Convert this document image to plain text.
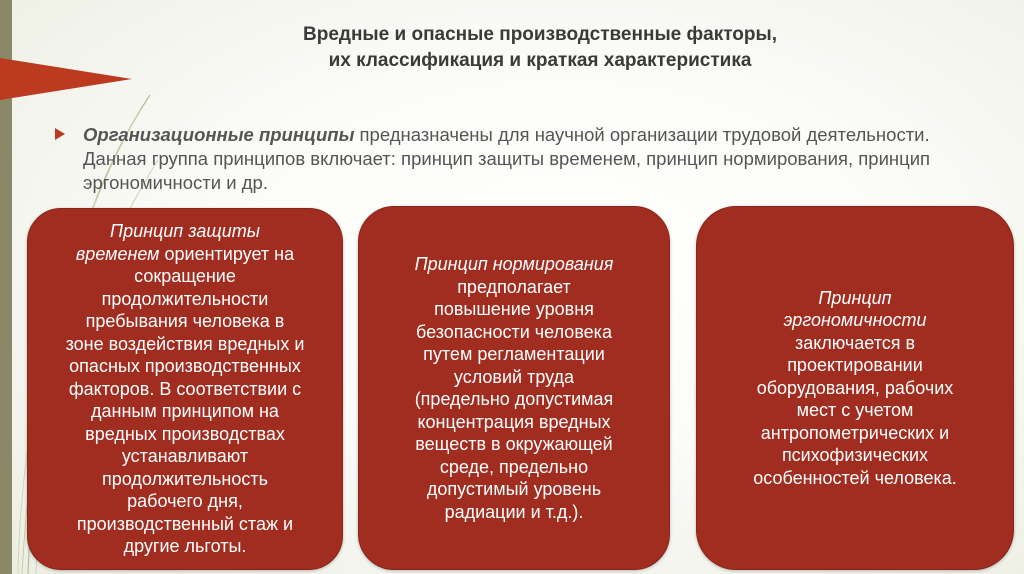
Вредные и опасные производственные факторы,
их классификация и краткая характеристика
Организационные принципы предназначены для научной организации трудовой деятельности. Данная группа принципов включает: принцип защиты временем, принцип нормирования, принцип эргономичности и др.
Принцип защиты
временем ориентирует на
сокращение
продолжительности
пребывания человека в
зоне воздействия вредных и
опасных производственных
факторов. В соответствии с
данным принципом на
вредных производствах
устанавливают
продолжительность
рабочего дня,
производственный стаж и
другие льготы.
Принцип нормирования
предполагает
повышение уровня
безопасности человека
путем регламентации
условий труда
(предельно допустимая
концентрация вредных
веществ в окружающей
среде, предельно
допустимый уровень
радиации и т.д.).
Принцип
эргономичности
заключается в
проектировании
оборудования, рабочих
мест с учетом
антропометрических и
психофизических
особенностей человека.
